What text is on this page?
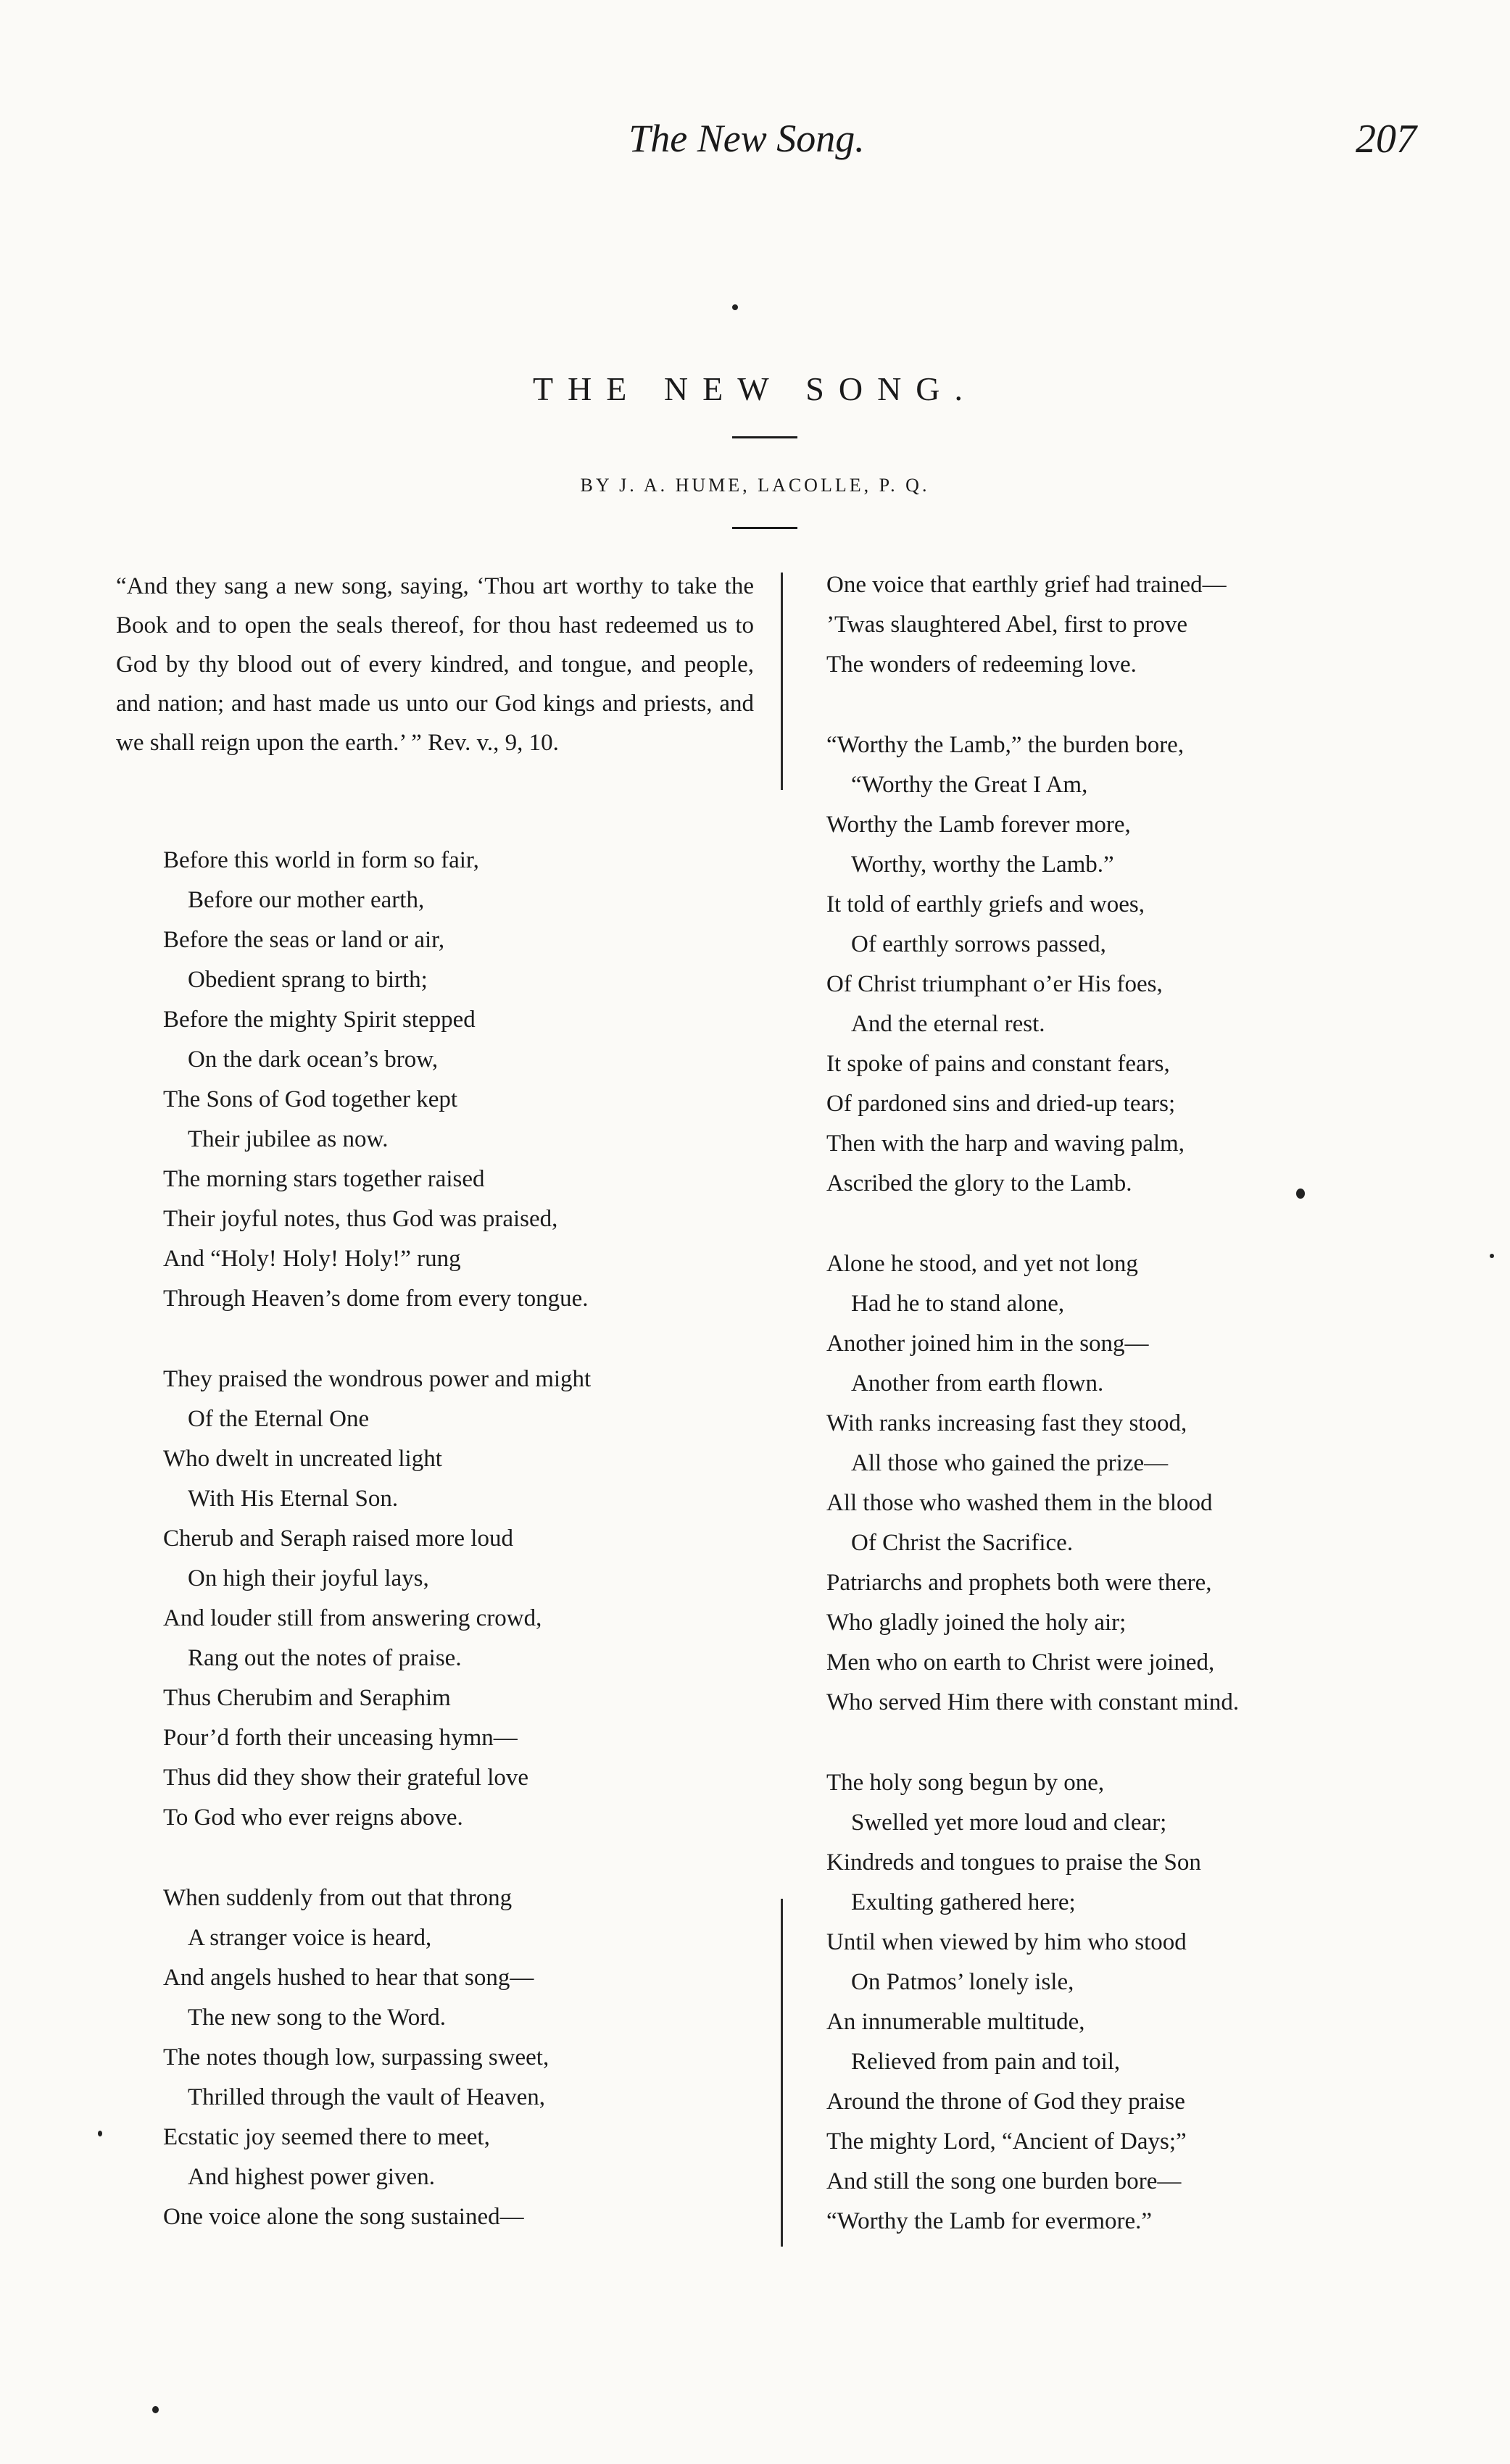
The New Song.	207
THE NEW SONG.
BY J. A. HUME, LACOLLE, P. Q.
“And they sang a new song, saying, ‘Thou art worthy to take the Book and to open the seals thereof, for thou hast redeemed us to God by thy blood out of every kindred, and tongue, and people, and nation; and hast made us unto our God kings and priests, and we shall reign upon the earth.’ ” Rev. v., 9, 10.
Before this world in form so fair,
Before our mother earth,
Before the seas or land or air,
Obedient sprang to birth;
Before the mighty Spirit stepped
On the dark ocean’s brow,
The Sons of God together kept
Their jubilee as now.
The morning stars together raised
Their joyful notes, thus God was praised,
And “Holy! Holy! Holy!” rung
Through Heaven’s dome from every tongue.
They praised the wondrous power and might
Of the Eternal One
Who dwelt in uncreated light
With His Eternal Son.
Cherub and Seraph raised more loud
On high their joyful lays,
And louder still from answering crowd,
Rang out the notes of praise.
Thus Cherubim and Seraphim
Pour’d forth their unceasing hymn—
Thus did they show their grateful love
To God who ever reigns above.
When suddenly from out that throng
A stranger voice is heard,
And angels hushed to hear that song—
The new song to the Word.
The notes though low, surpassing sweet,
Thrilled through the vault of Heaven,
Ecstatic joy seemed there to meet,
And highest power given.
One voice alone the song sustained—
One voice that earthly grief had trained—
’Twas slaughtered Abel, first to prove
The wonders of redeeming love.
“Worthy the Lamb,” the burden bore,
“Worthy the Great I Am,
Worthy the Lamb forever more,
Worthy, worthy the Lamb.”
It told of earthly griefs and woes,
Of earthly sorrows passed,
Of Christ triumphant o’er His foes,
And the eternal rest.
It spoke of pains and constant fears,
Of pardoned sins and dried-up tears;
Then with the harp and waving palm,
Ascribed the glory to the Lamb.
Alone he stood, and yet not long
Had he to stand alone,
Another joined him in the song—
Another from earth flown.
With ranks increasing fast they stood,
All those who gained the prize—
All those who washed them in the blood
Of Christ the Sacrifice.
Patriarchs and prophets both were there,
Who gladly joined the holy air;
Men who on earth to Christ were joined,
Who served Him there with constant mind.
The holy song begun by one,
Swelled yet more loud and clear;
Kindreds and tongues to praise the Son
Exulting gathered here;
Until when viewed by him who stood
On Patmos’ lonely isle,
An innumerable multitude,
Relieved from pain and toil,
Around the throne of God they praise
The mighty Lord, “Ancient of Days;”
And still the song one burden bore—
“Worthy the Lamb for evermore.”
